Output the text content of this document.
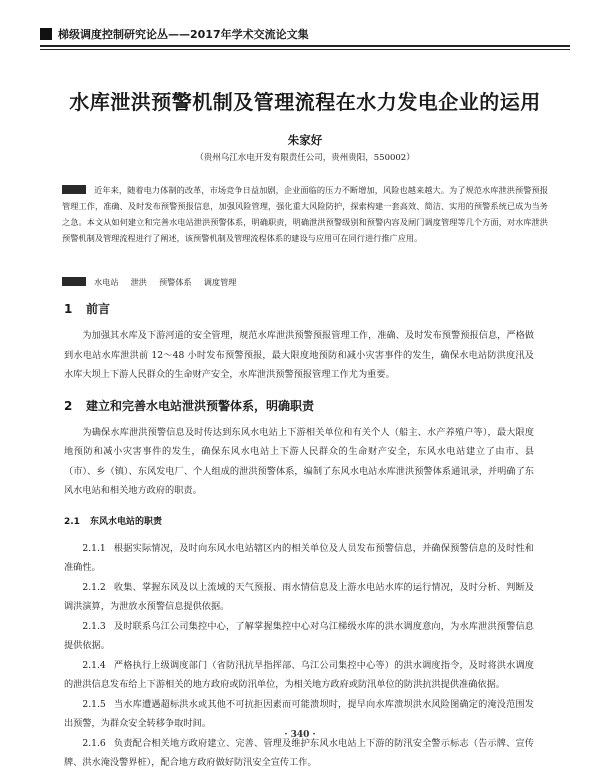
梯级调度控制研究论丛——2017年学术交流论文集
水库泄洪预警机制及管理流程在水力发电企业的运用
朱家好
（贵州乌江水电开发有限责任公司，贵州贵阳，550002）
近年来，随着电力体制的改革，市场竞争日益加剧，企业面临的压力不断增加，风险也越来越大。为了规范水库泄洪预警预报管理工作，准确、及时发布预警预报信息，加强风险管理，强化重大风险防护，探索构建一套高效、简洁、实用的预警系统已成为当务之急。本文从如何建立和完善水电站泄洪预警体系，明确职责，明确泄洪预警级别和预警内容及闸门调度管理等几个方面，对水库泄洪预警机制及管理流程进行了阐述，该预警机制及管理流程体系的建设与应用可在同行进行推广应用。
水电站 泄洪 预警体系 调度管理
1 前言

为加强其水库及下游河道的安全管理，规范水库泄洪预警预报管理工作，准确、及时发布预警预报信息，严格做到水电站水库泄洪前 12～48 小时发布预警预报，最大限度地预防和减小灾害事件的发生，确保水电站防洪度汛及水库大坝上下游人民群众的生命财产安全，水库泄洪预警预报管理工作尤为重要。

2 建立和完善水电站泄洪预警体系，明确职责

为确保水库泄洪预警信息及时传达到东风水电站上下游相关单位和有关个人（船主、水产养殖户等），最大限度地预防和减小灾害事件的发生，确保东风水电站上下游人民群众的生命财产安全，东风水电站建立了由市、县（市）、乡（镇）、东风发电厂、个人组成的泄洪预警体系，编制了东风水电站水库泄洪预警体系通讯录，并明确了东风水电站和相关地方政府的职责。

2.1 东风水电站的职责

2.1.1 根据实际情况，及时向东风水电站辖区内的相关单位及人员发布预警信息，并确保预警信息的及时性和准确性。

2.1.2 收集、掌握东风及以上流域的天气预报、雨水情信息及上游水电站水库的运行情况，及时分析、判断及调洪演算，为泄放水预警信息提供依据。

2.1.3 及时联系乌江公司集控中心，了解掌握集控中心对乌江梯级水库的洪水调度意向，为水库泄洪预警信息提供依据。

2.1.4 严格执行上级调度部门（省防汛抗旱指挥部、乌江公司集控中心等）的洪水调度指令，及时将洪水调度的泄洪信息发布给上下游相关的地方政府或防汛单位，为相关地方政府或防汛单位的防洪抗洪提供准确依据。

2.1.5 当水库遭遇超标洪水或其他不可抗拒因素而可能溃坝时，提早向水库溃坝洪水风险图确定的淹没范围发出预警，为群众安全转移争取时间。

2.1.6 负责配合相关地方政府建立、完善、管理及维护东风水电站上下游的防汛安全警示标志（告示牌、宣传牌、洪水淹没警界桩），配合地方政府做好防汛安全宣传工作。

· 340 ·
